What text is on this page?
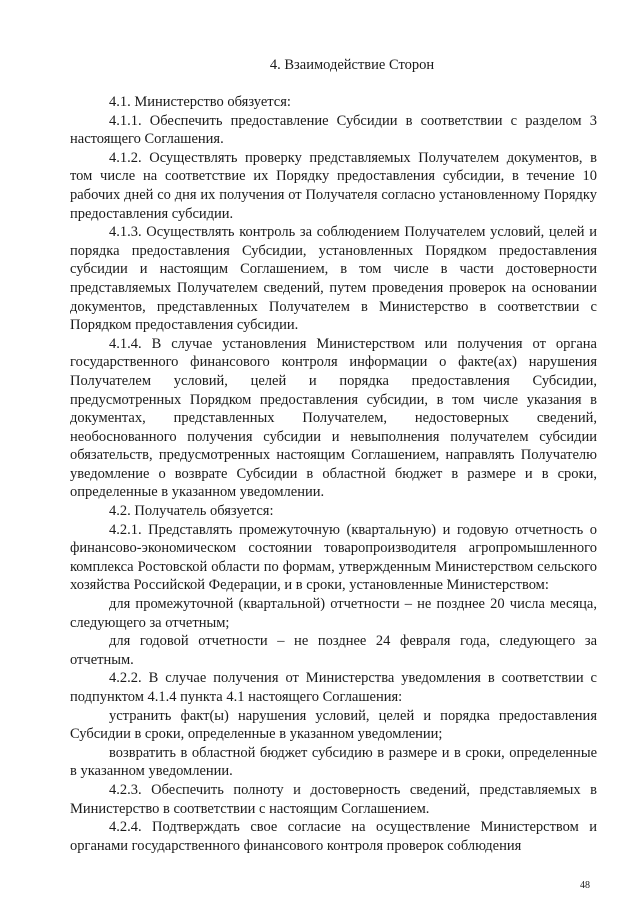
4. Взаимодействие Сторон

4.1. Министерство обязуется:

4.1.1. Обеспечить предоставление Субсидии в соответствии с разделом 3 настоящего Соглашения.

4.1.2. Осуществлять проверку представляемых Получателем документов, в том числе на соответствие их Порядку предоставления субсидии, в течение 10 рабочих дней со дня их получения от Получателя согласно установленному Порядку предоставления субсидии.

4.1.3. Осуществлять контроль за соблюдением Получателем условий, целей и порядка предоставления Субсидии, установленных Порядком предоставления субсидии и настоящим Соглашением, в том числе в части достоверности представляемых Получателем сведений, путем проведения проверок на основании документов, представленных Получателем в Министерство в соответствии с Порядком предоставления субсидии.

4.1.4. В случае установления Министерством или получения от органа государственного финансового контроля информации о факте(ах) нарушения Получателем условий, целей и порядка предоставления Субсидии, предусмотренных Порядком предоставления субсидии, в том числе указания в документах, представленных Получателем, недостоверных сведений, необоснованного получения субсидии и невыполнения получателем субсидии обязательств, предусмотренных настоящим Соглашением, направлять Получателю уведомление о возврате Субсидии в областной бюджет в размере и в сроки, определенные в указанном уведомлении.

4.2. Получатель обязуется:

4.2.1. Представлять промежуточную (квартальную) и годовую отчетность о финансово-экономическом состоянии товаропроизводителя агропромышленного комплекса Ростовской области по формам, утвержденным Министерством сельского хозяйства Российской Федерации, и в сроки, установленные Министерством:

для промежуточной (квартальной) отчетности – не позднее 20 числа месяца, следующего за отчетным;

для годовой отчетности – не позднее 24 февраля года, следующего за отчетным.

4.2.2. В случае получения от Министерства уведомления в соответствии с подпунктом 4.1.4 пункта 4.1 настоящего Соглашения:

устранить факт(ы) нарушения условий, целей и порядка предоставления Субсидии в сроки, определенные в указанном уведомлении;

возвратить в областной бюджет субсидию в размере и в сроки, определенные в указанном уведомлении.

4.2.3. Обеспечить полноту и достоверность сведений, представляемых в Министерство в соответствии с настоящим Соглашением.

4.2.4. Подтверждать свое согласие на осуществление Министерством и органами государственного финансового контроля проверок соблюдения

48
